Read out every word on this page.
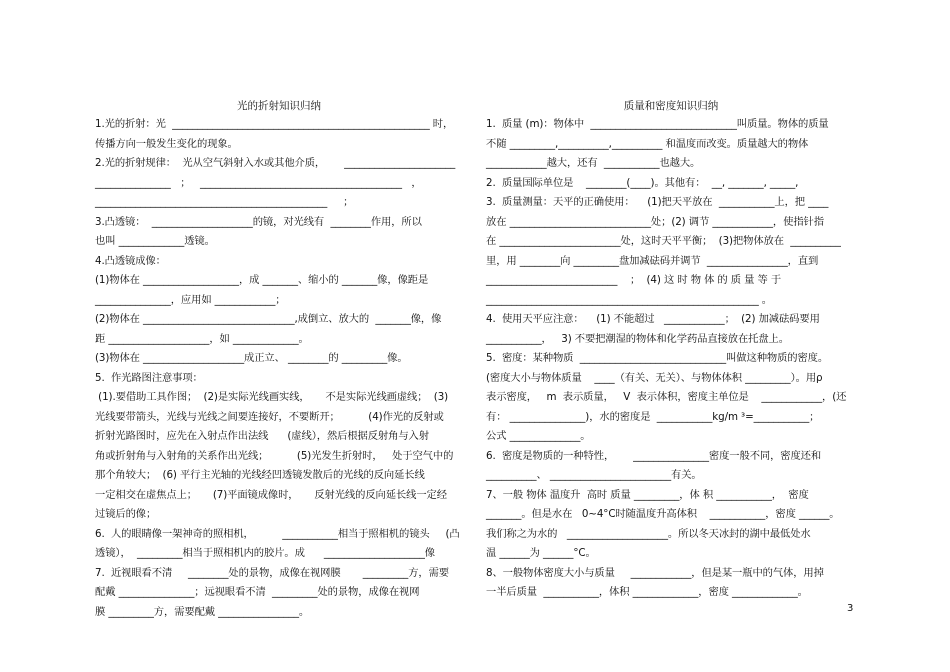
光的折射知识归纳
1.光的折射：光  ___________________________________________________ 时，
传播方向一般发生变化的现象。
2.光的折射规律：  光从空气斜射入水或其他介质，      ______________________
_______________   ；   ________________________________________   ，
______________________________________________     ；
3.凸透镜：  ____________________的镜，对光线有  ________作用，所以
也叫 _____________透镜。
4.凸透镜成像：
(1)物体在 ___________________，成 _______、缩小的 _______像，像距是
_______________，应用如 ____________；
(2)物体在 ______________________________,成倒立、放大的  _______像，像
距 ____________________，如 _____________。
(3)物体在 ____________________成正立、 ________的 _________像。
5.  作光路图注意事项：
(1).要借助工具作图；  (2)是实际光线画实线，     不是实际光线画虚线；  (3)
光线要带箭头，光线与光线之间要连接好，不要断开；         (4)作光的反射或
折射光路图时，应先在入射点作出法线      (虚线），然后根据反射角与入射
角或折射角与入射角的关系作出光线；         (5)光发生折射时，   处于空气中的
那个角较大；  (6) 平行主光轴的光线经凹透镜发散后的光线的反向延长线
一定相交在虚焦点上；     (7)平面镜成像时，     反射光线的反向延长线一定经
过镜后的像；
6.  人的眼睛像一架神奇的照相机，         ___________相当于照相机的镜头     (凸
透镜），  _________相当于照相机内的胶片。成      ____________________像
7.  近视眼看不清     ________处的景物，成像在视网膜       _________方，需要
配戴 _______________；远视眼看不清  _________处的景物，成像在视网
膜 _________方，需要配戴 ________________。
质量和密度知识归纳
1.  质量 (m)：物体中  _____________________________叫质量。物体的质量
不随 _________,__________,__________ 和温度而改变。质量越大的物体
____________越大，还有  ___________也越大。
2.  质量国际单位是    ________(____)。其他有：  __, _______, _____,
3.  质量测量：天平的正确使用：    (1)把天平放在  ___________上，把 ____
放在 ____________________________处；(2) 调节 ____________，使指针指
在 ________________________处，这时天平平衡；  (3)把物体放在  __________
里，用 ________向 _________盘加减砝码并调节  ________________，直到
__________________________    ；  (4) 这 时 物 体 的 质 量 等 于
______________________________________________________ 。
4.  使用天平应注意：    (1) 不能超过   ____________；  (2) 加减砝码要用
___________，   3) 不要把潮湿的物体和化学药品直接放在托盘上。
5.  密度：某种物质  _____________________________叫做这种物质的密度。
(密度大小与物体质量    ____（有关、无关）、与物体体积 _________）。用ρ
表示密度，   m  表示质量，   V  表示体积，密度主单位是    ____________，(还
有： _______________)，水的密度是  ___________kg/m ³=___________；
公式 ______________。
6.  密度是物质的一种特性，      _______________密度一般不同，密度还和
__________、 ________________________有关。
7、一般 物体 温度升  高时 质量 _________，体 积 ___________，  密度
_______。但是水在   0~4°C时随温度升高体积    ___________，密度 ______。
我们称之为水的   ____________________。所以冬天冰封的湖中最低处水
温 ______为 ______°C。
8、一般物体密度大小与质量     ____________，但是某一瓶中的气体，用掉
一半后质量  ___________，体积 _____________，密度 _____________。
3
